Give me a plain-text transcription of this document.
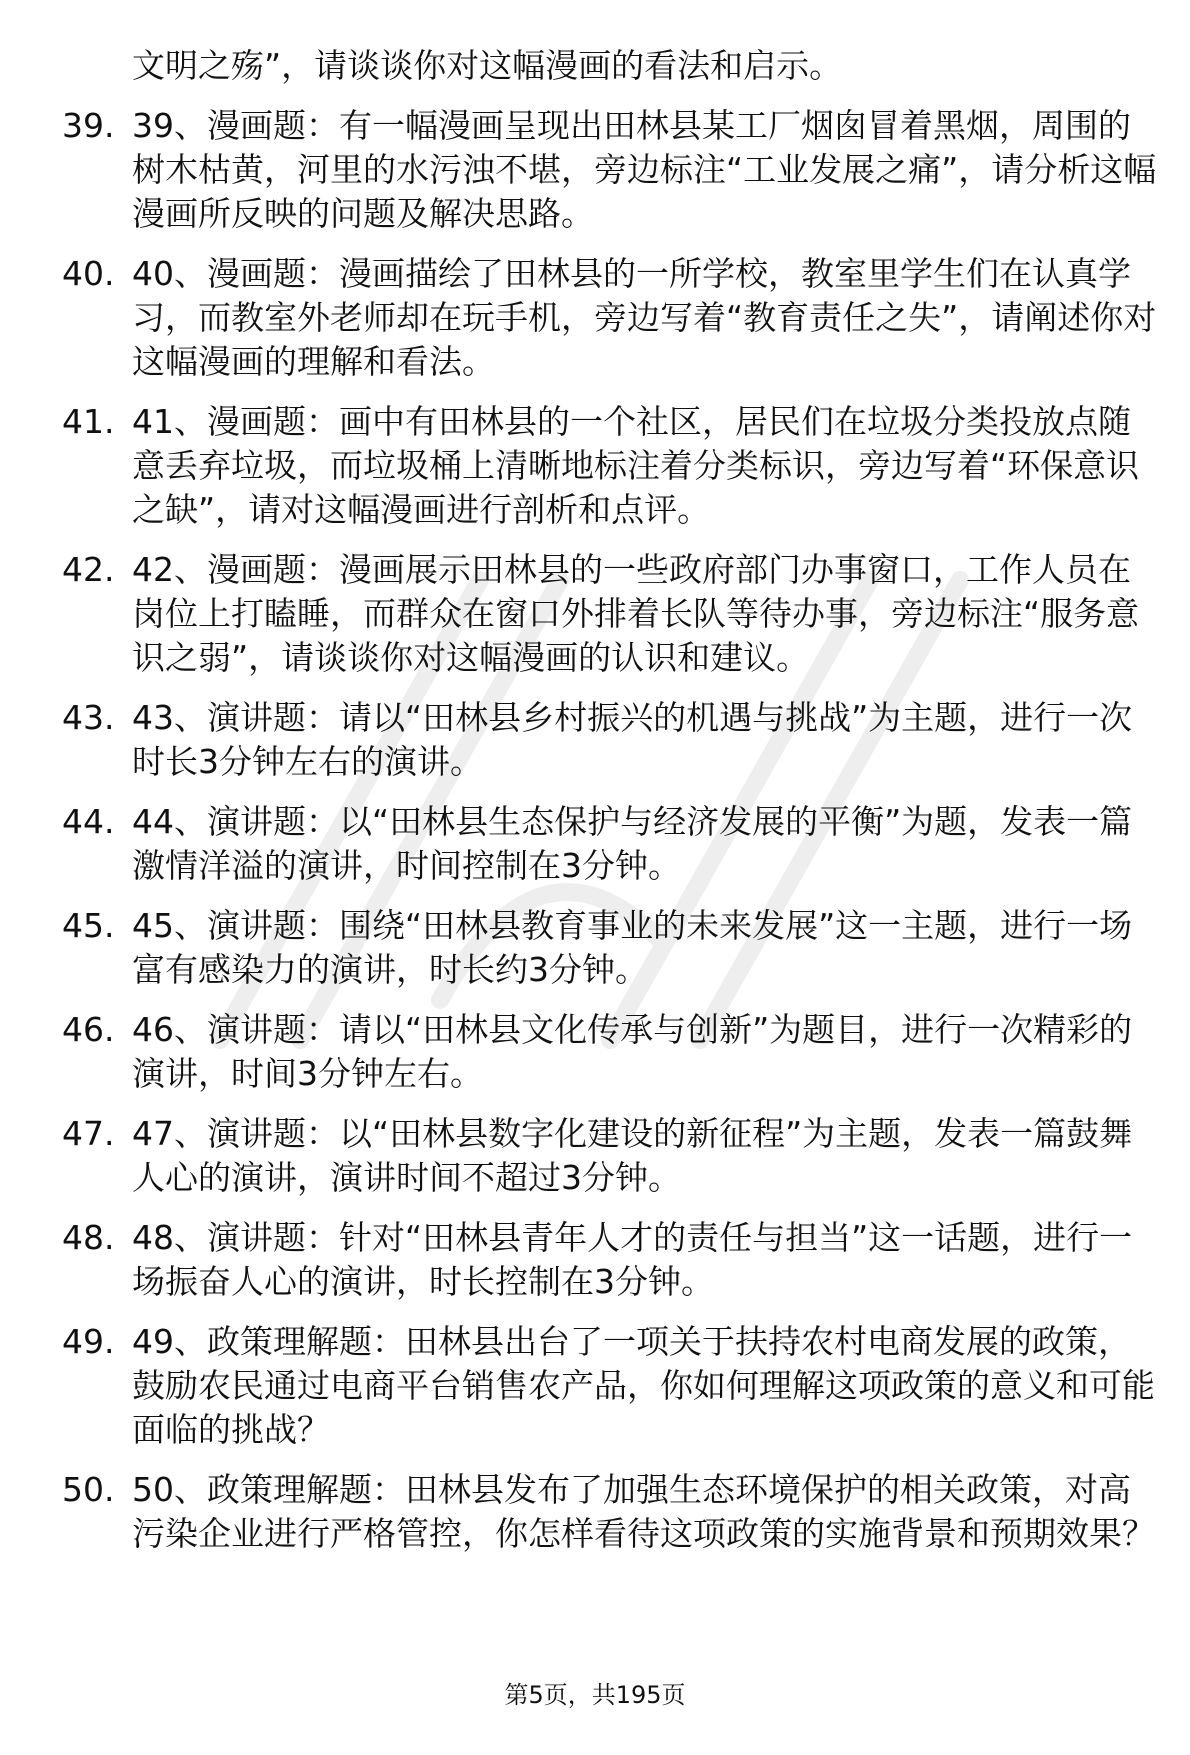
文明之殇”，请谈谈你对这幅漫画的看法和启示。

39. 39、漫画题：有一幅漫画呈现出田林县某工厂烟囱冒着黑烟，周围的树木枯黄，河里的水污浊不堪，旁边标注“工业发展之痛”，请分析这幅漫画所反映的问题及解决思路。
40. 40、漫画题：漫画描绘了田林县的一所学校，教室里学生们在认真学习，而教室外老师却在玩手机，旁边写着“教育责任之失”，请阐述你对这幅漫画的理解和看法。
41. 41、漫画题：画中有田林县的一个社区，居民们在垃圾分类投放点随意丢弃垃圾，而垃圾桶上清晰地标注着分类标识，旁边写着“环保意识之缺”，请对这幅漫画进行剖析和点评。
42. 42、漫画题：漫画展示田林县的一些政府部门办事窗口，工作人员在岗位上打瞌睡，而群众在窗口外排着长队等待办事，旁边标注“服务意识之弱”，请谈谈你对这幅漫画的认识和建议。
43. 43、演讲题：请以“田林县乡村振兴的机遇与挑战”为主题，进行一次时长3分钟左右的演讲。
44. 44、演讲题：以“田林县生态保护与经济发展的平衡”为题，发表一篇激情洋溢的演讲，时间控制在3分钟。
45. 45、演讲题：围绕“田林县教育事业的未来发展”这一主题，进行一场富有感染力的演讲，时长约3分钟。
46. 46、演讲题：请以“田林县文化传承与创新”为题目，进行一次精彩的演讲，时间3分钟左右。
47. 47、演讲题：以“田林县数字化建设的新征程”为主题，发表一篇鼓舞人心的演讲，演讲时间不超过3分钟。
48. 48、演讲题：针对“田林县青年人才的责任与担当”这一话题，进行一场振奋人心的演讲，时长控制在3分钟。
49. 49、政策理解题：田林县出台了一项关于扶持农村电商发展的政策，鼓励农民通过电商平台销售农产品，你如何理解这项政策的意义和可能面临的挑战？
50. 50、政策理解题：田林县发布了加强生态环境保护的相关政策，对高污染企业进行严格管控，你怎样看待这项政策的实施背景和预期效果？
第5页，共195页
